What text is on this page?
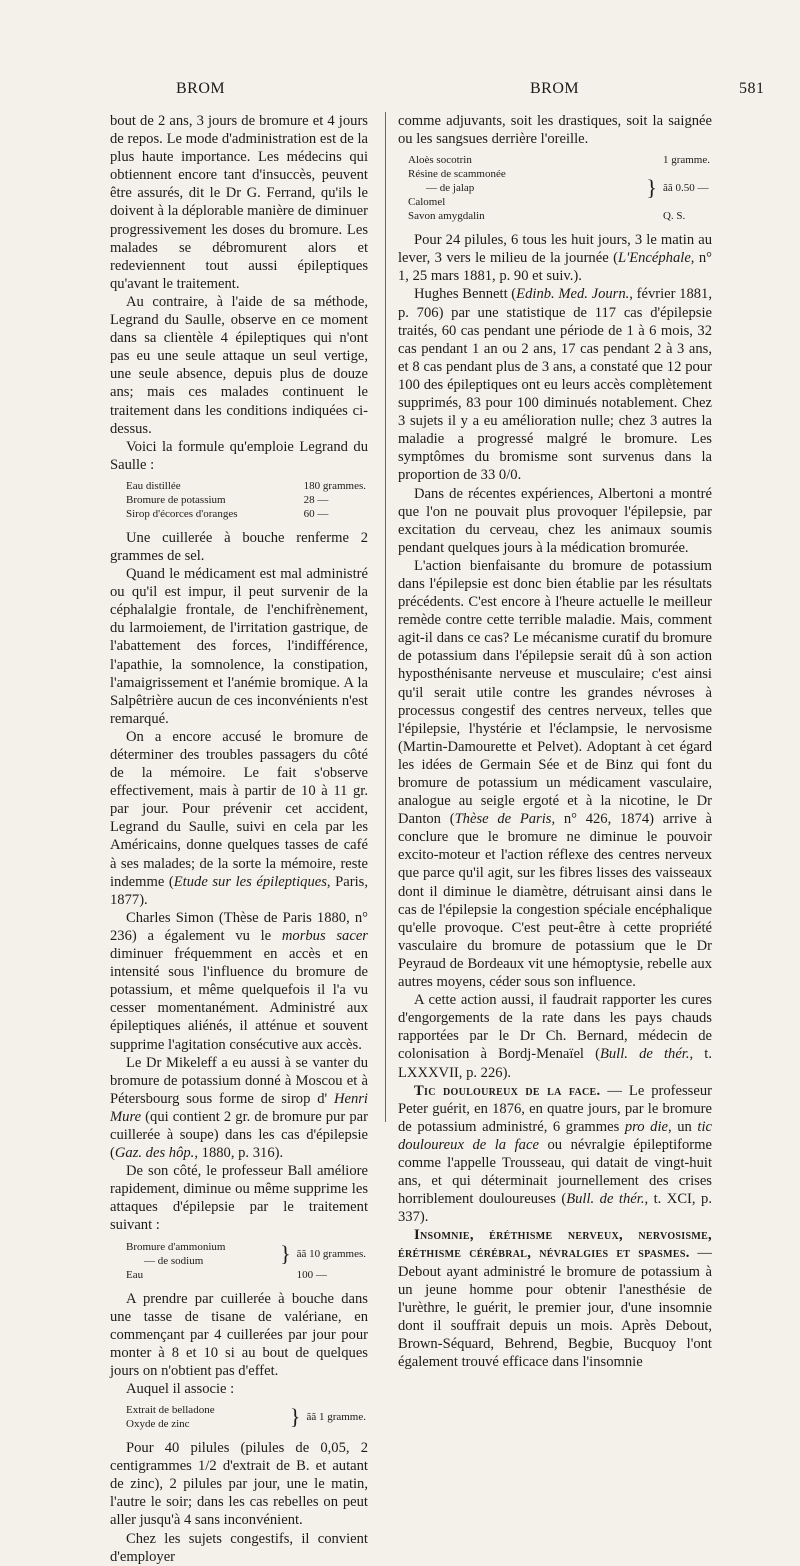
BROM	BROM	581

bout de 2 ans, 3 jours de bromure et 4 jours de repos. Le mode d'administration est de la plus haute importance. Les médecins qui obtiennent encore tant d'insuccès, peuvent être assurés, dit le Dr G. Ferrand, qu'ils le doivent à la déplorable manière de diminuer progressivement les doses du bromure. Les malades se débromurent alors et redeviennent tout aussi épileptiques qu'avant le traitement.

Au contraire, à l'aide de sa méthode, Legrand du Saulle, observe en ce moment dans sa clientèle 4 épileptiques qui n'ont pas eu une seule attaque un seul vertige, une seule absence, depuis plus de douze ans; mais ces malades continuent le traitement dans les conditions indiquées ci-dessus.

Voici la formule qu'emploie Legrand du Saulle :

Eau distillée	180 grammes.
Bromure de potassium	28 —
Sirop d'écorces d'oranges	60 —

Une cuillerée à bouche renferme 2 grammes de sel.

Quand le médicament est mal administré ou qu'il est impur, il peut survenir de la céphalalgie frontale, de l'enchifrènement, du larmoiement, de l'irritation gastrique, de l'abattement des forces, l'indifférence, l'apathie, la somnolence, la constipation, l'amaigrissement et l'anémie bromique. A la Salpêtrière aucun de ces inconvénients n'est remarqué.

On a encore accusé le bromure de déterminer des troubles passagers du côté de la mémoire. Le fait s'observe effectivement, mais à partir de 10 à 11 gr. par jour. Pour prévenir cet accident, Legrand du Saulle, suivi en cela par les Américains, donne quelques tasses de café à ses malades; de la sorte la mémoire, reste indemme (Etude sur les épileptiques, Paris, 1877).

Charles Simon (Thèse de Paris 1880, n° 236) a également vu le morbus sacer diminuer fréquemment en accès et en intensité sous l'influence du bromure de potassium, et même quelquefois il l'a vu cesser momentanément. Administré aux épileptiques aliénés, il atténue et souvent supprime l'agitation consécutive aux accès.

Le Dr Mikeleff a eu aussi à se vanter du bromure de potassium donné à Moscou et à Pétersbourg sous forme de sirop d' Henri Mure (qui contient 2 gr. de bromure pur par cuillerée à soupe) dans les cas d'épilepsie (Gaz. des hôp., 1880, p. 316).

De son côté, le professeur Ball améliore rapidement, diminue ou même supprime les attaques d'épilepsie par le traitement suivant :

Bromure d'ammonium	}	ãã 10 grammes.
— de sodium		
Eau		100 —

A prendre par cuillerée à bouche dans une tasse de tisane de valériane, en commençant par 4 cuillerées par jour pour monter à 8 et 10 si au bout de quelques jours on n'obtient pas d'effet.

Auquel il associe :

Extrait de belladone	}	ãã 1 gramme.
Oxyde de zinc

Pour 40 pilules (pilules de 0,05, 2 centigrammes 1/2 d'extrait de B. et autant de zinc), 2 pilules par jour, une le matin, l'autre le soir; dans les cas rebelles on peut aller jusqu'à 4 sans inconvénient.

Chez les sujets congestifs, il convient d'employer

comme adjuvants, soit les drastiques, soit la saignée ou les sangsues derrière l'oreille.

Aloès socotrin		1 gramme.
Résine de scammonée	}	ãã 0.50 —
— de jalap		
Calomel		
Savon amygdalin		Q. S.

Pour 24 pilules, 6 tous les huit jours, 3 le matin au lever, 3 vers le milieu de la journée (L'Encéphale, n° 1, 25 mars 1881, p. 90 et suiv.).

Hughes Bennett (Edinb. Med. Journ., février 1881, p. 706) par une statistique de 117 cas d'épilepsie traités, 60 cas pendant une période de 1 à 6 mois, 32 cas pendant 1 an ou 2 ans, 17 cas pendant 2 à 3 ans, et 8 cas pendant plus de 3 ans, a constaté que 12 pour 100 des épileptiques ont eu leurs accès complètement supprimés, 83 pour 100 diminués notablement. Chez 3 sujets il y a eu amélioration nulle; chez 3 autres la maladie a progressé malgré le bromure. Les symptômes du bromisme sont survenus dans la proportion de 33 0/0.

Dans de récentes expériences, Albertoni a montré que l'on ne pouvait plus provoquer l'épilepsie, par excitation du cerveau, chez les animaux soumis pendant quelques jours à la médication bromurée.

L'action bienfaisante du bromure de potassium dans l'épilepsie est donc bien établie par les résultats précédents. C'est encore à l'heure actuelle le meilleur remède contre cette terrible maladie. Mais, comment agit-il dans ce cas? Le mécanisme curatif du bromure de potassium dans l'épilepsie serait dû à son action hyposthénisante nerveuse et musculaire; c'est ainsi qu'il serait utile contre les grandes névroses à processus congestif des centres nerveux, telles que l'épilepsie, l'hystérie et l'éclampsie, le nervosisme (Martin-Damourette et Pelvet). Adoptant à cet égard les idées de Germain Sée et de Binz qui font du bromure de potassium un médicament vasculaire, analogue au seigle ergoté et à la nicotine, le Dr Danton (Thèse de Paris, n° 426, 1874) arrive à conclure que le bromure ne diminue le pouvoir excito-moteur et l'action réflexe des centres nerveux que parce qu'il agit, sur les fibres lisses des vaisseaux dont il diminue le diamètre, détruisant ainsi dans le cas de l'épilepsie la congestion spéciale encéphalique qu'elle provoque. C'est peut-être à cette propriété vasculaire du bromure de potassium que le Dr Peyraud de Bordeaux vit une hémoptysie, rebelle aux autres moyens, céder sous son influence.

A cette action aussi, il faudrait rapporter les cures d'engorgements de la rate dans les pays chauds rapportées par le Dr Ch. Bernard, médecin de colonisation à Bordj-Menaïel (Bull. de thér., t. LXXXVII, p. 226).

Tic douloureux de la face. — Le professeur Peter guérit, en 1876, en quatre jours, par le bromure de potassium administré, 6 grammes pro die, un tic douloureux de la face ou névralgie épileptiforme comme l'appelle Trousseau, qui datait de vingt-huit ans, et qui déterminait journellement des crises horriblement douloureuses (Bull. de thér., t. XCI, p. 337).

Insomnie, éréthisme nerveux, nervosisme, éréthisme cérébral, névralgies et spasmes. — Debout ayant administré le bromure de potassium à un jeune homme pour obtenir l'anesthésie de l'urèthre, le guérit, le premier jour, d'une insomnie dont il souffrait depuis un mois. Après Debout, Brown-Séquard, Behrend, Begbie, Bucquoy l'ont également trouvé efficace dans l'insomnie
